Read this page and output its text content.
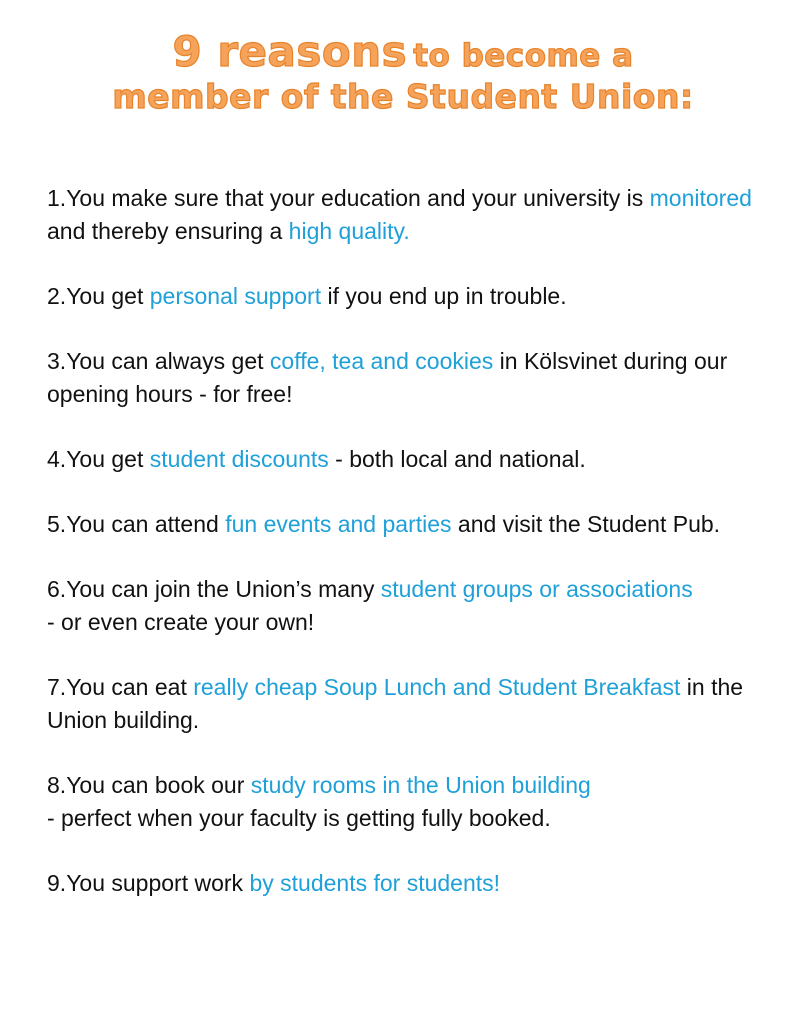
9 reasons to become a
member of the Student Union:
1.You make sure that your education and your university is monitored and thereby ensuring a high quality.
2.You get personal support if you end up in trouble.
3.You can always get coffe, tea and cookies in Kölsvinet during our opening hours - for free!
4.You get student discounts - both local and national.
5.You can attend fun events and parties and visit the Student Pub.
6.You can join the Union’s many student groups or associations
- or even create your own!
7.You can eat really cheap Soup Lunch and Student Breakfast in the Union building.
8.You can book our study rooms in the Union building
- perfect when your faculty is getting fully booked.
9.You support work by students for students!
